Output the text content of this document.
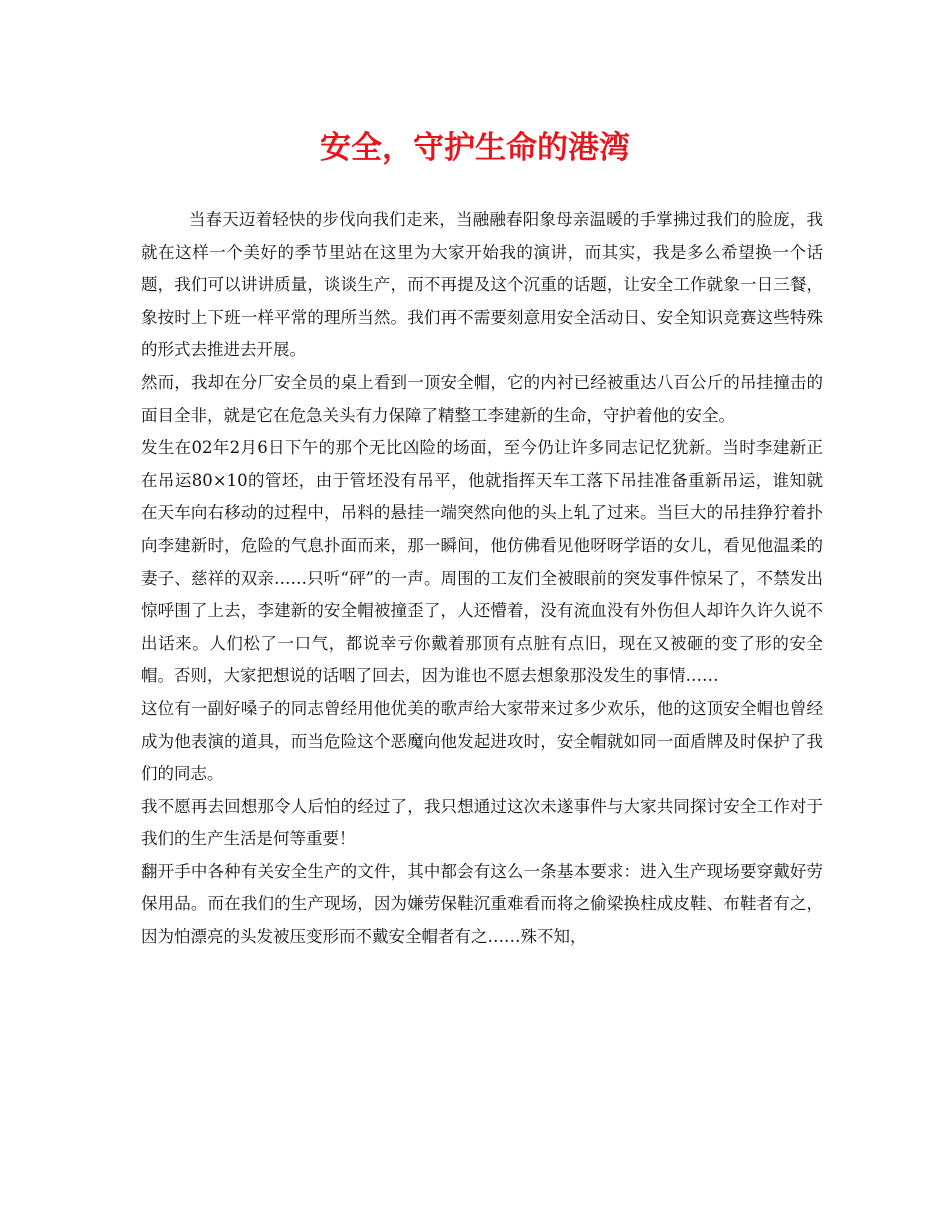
安全，守护生命的港湾

当春天迈着轻快的步伐向我们走来，当融融春阳象母亲温暖的手掌拂过我们的脸庞，我就在这样一个美好的季节里站在这里为大家开始我的演讲，而其实，我是多么希望换一个话题，我们可以讲讲质量，谈谈生产，而不再提及这个沉重的话题，让安全工作就象一日三餐，象按时上下班一样平常的理所当然。我们再不需要刻意用安全活动日、安全知识竞赛这些特殊的形式去推进去开展。

然而，我却在分厂安全员的桌上看到一顶安全帽，它的内衬已经被重达八百公斤的吊挂撞击的面目全非，就是它在危急关头有力保障了精整工李建新的生命，守护着他的安全。

发生在02年2月6日下午的那个无比凶险的场面，至今仍让许多同志记忆犹新。当时李建新正在吊运80×10的管坯，由于管坯没有吊平，他就指挥天车工落下吊挂准备重新吊运，谁知就在天车向右移动的过程中，吊料的悬挂一端突然向他的头上轧了过来。当巨大的吊挂狰狞着扑向李建新时，危险的气息扑面而来，那一瞬间，他仿佛看见他呀呀学语的女儿，看见他温柔的妻子、慈祥的双亲……只听“砰”的一声。周围的工友们全被眼前的突发事件惊呆了，不禁发出惊呼围了上去，李建新的安全帽被撞歪了，人还懵着，没有流血没有外伤但人却许久许久说不出话来。人们松了一口气，都说幸亏你戴着那顶有点脏有点旧，现在又被砸的变了形的安全帽。否则，大家把想说的话咽了回去，因为谁也不愿去想象那没发生的事情……

这位有一副好嗓子的同志曾经用他优美的歌声给大家带来过多少欢乐，他的这顶安全帽也曾经成为他表演的道具，而当危险这个恶魔向他发起进攻时，安全帽就如同一面盾牌及时保护了我们的同志。

我不愿再去回想那令人后怕的经过了，我只想通过这次未遂事件与大家共同探讨安全工作对于我们的生产生活是何等重要！

翻开手中各种有关安全生产的文件，其中都会有这么一条基本要求：进入生产现场要穿戴好劳保用品。而在我们的生产现场，因为嫌劳保鞋沉重难看而将之偷梁换柱成皮鞋、布鞋者有之，因为怕漂亮的头发被压变形而不戴安全帽者有之……殊不知，
